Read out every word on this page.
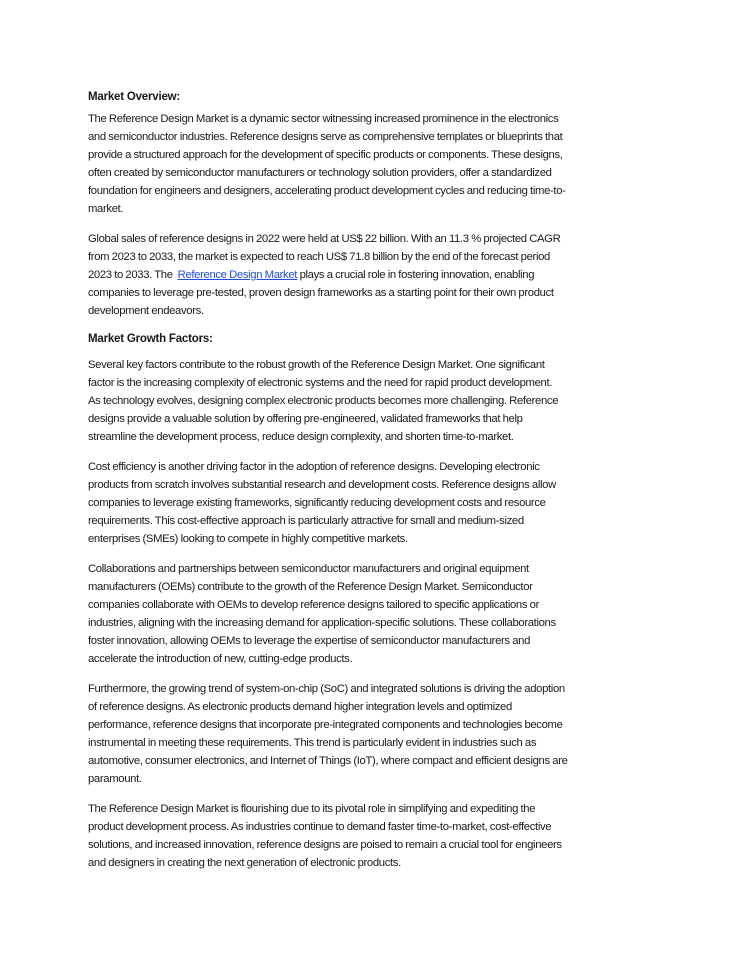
Market Overview:
The Reference Design Market is a dynamic sector witnessing increased prominence in the electronics
and semiconductor industries. Reference designs serve as comprehensive templates or blueprints that
provide a structured approach for the development of specific products or components. These designs,
often created by semiconductor manufacturers or technology solution providers, offer a standardized
foundation for engineers and designers, accelerating product development cycles and reducing time-to-
market.
Global sales of reference designs in 2022 were held at US$ 22 billion. With an 11.3 % projected CAGR
from 2023 to 2033, the market is expected to reach US$ 71.8 billion by the end of the forecast period
2023 to 2033. The  Reference Design Market plays a crucial role in fostering innovation, enabling
companies to leverage pre-tested, proven design frameworks as a starting point for their own product
development endeavors.
Market Growth Factors:
Several key factors contribute to the robust growth of the Reference Design Market. One significant
factor is the increasing complexity of electronic systems and the need for rapid product development.
As technology evolves, designing complex electronic products becomes more challenging. Reference
designs provide a valuable solution by offering pre-engineered, validated frameworks that help
streamline the development process, reduce design complexity, and shorten time-to-market.
Cost efficiency is another driving factor in the adoption of reference designs. Developing electronic
products from scratch involves substantial research and development costs. Reference designs allow
companies to leverage existing frameworks, significantly reducing development costs and resource
requirements. This cost-effective approach is particularly attractive for small and medium-sized
enterprises (SMEs) looking to compete in highly competitive markets.
Collaborations and partnerships between semiconductor manufacturers and original equipment
manufacturers (OEMs) contribute to the growth of the Reference Design Market. Semiconductor
companies collaborate with OEMs to develop reference designs tailored to specific applications or
industries, aligning with the increasing demand for application-specific solutions. These collaborations
foster innovation, allowing OEMs to leverage the expertise of semiconductor manufacturers and
accelerate the introduction of new, cutting-edge products.
Furthermore, the growing trend of system-on-chip (SoC) and integrated solutions is driving the adoption
of reference designs. As electronic products demand higher integration levels and optimized
performance, reference designs that incorporate pre-integrated components and technologies become
instrumental in meeting these requirements. This trend is particularly evident in industries such as
automotive, consumer electronics, and Internet of Things (IoT), where compact and efficient designs are
paramount.
The Reference Design Market is flourishing due to its pivotal role in simplifying and expediting the
product development process. As industries continue to demand faster time-to-market, cost-effective
solutions, and increased innovation, reference designs are poised to remain a crucial tool for engineers
and designers in creating the next generation of electronic products.
